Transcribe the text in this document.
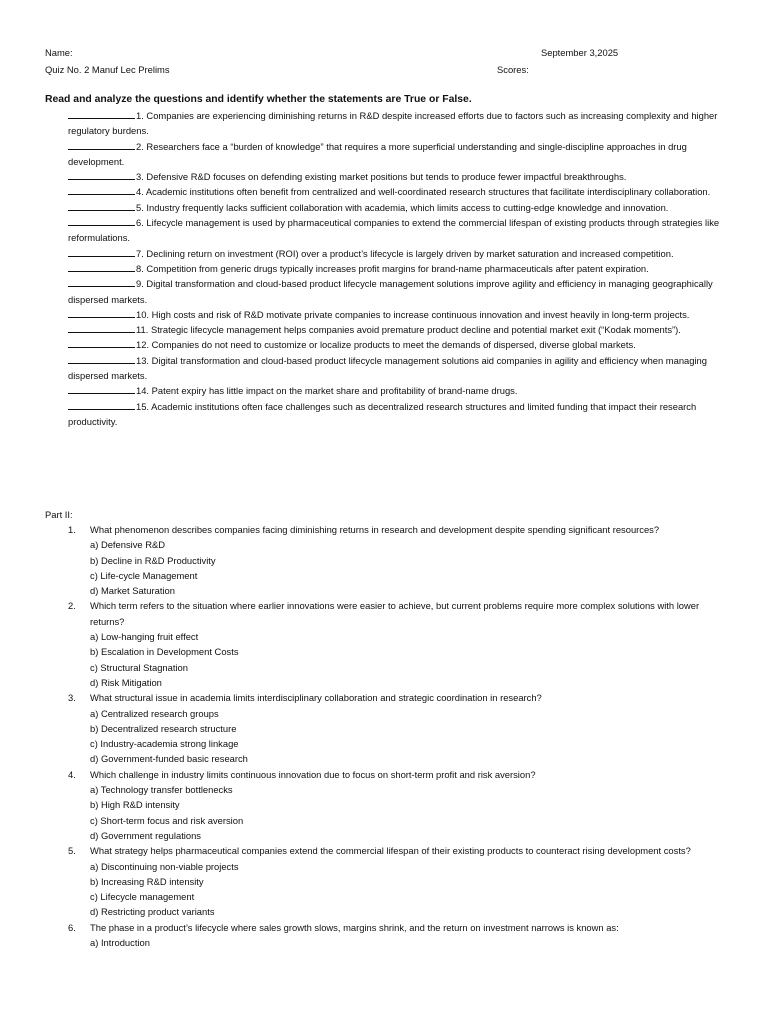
Name:	September 3,2025
Quiz No. 2 Manuf Lec Prelims	Scores:
Read and analyze the questions and identify whether the statements are True or False.
1. Companies are experiencing diminishing returns in R&D despite increased efforts due to factors such as increasing complexity and higher regulatory burdens.
2. Researchers face a “burden of knowledge” that requires a more superficial understanding and single-discipline approaches in drug development.
3. Defensive R&D focuses on defending existing market positions but tends to produce fewer impactful breakthroughs.
4. Academic institutions often benefit from centralized and well-coordinated research structures that facilitate interdisciplinary collaboration.
5. Industry frequently lacks sufficient collaboration with academia, which limits access to cutting-edge knowledge and innovation.
6. Lifecycle management is used by pharmaceutical companies to extend the commercial lifespan of existing products through strategies like reformulations.
7. Declining return on investment (ROI) over a product’s lifecycle is largely driven by market saturation and increased competition.
8. Competition from generic drugs typically increases profit margins for brand-name pharmaceuticals after patent expiration.
9. Digital transformation and cloud-based product lifecycle management solutions improve agility and efficiency in managing geographically dispersed markets.
10. High costs and risk of R&D motivate private companies to increase continuous innovation and invest heavily in long-term projects.
11. Strategic lifecycle management helps companies avoid premature product decline and potential market exit (“Kodak moments”).
12. Companies do not need to customize or localize products to meet the demands of dispersed, diverse global markets.
13. Digital transformation and cloud-based product lifecycle management solutions aid companies in agility and efficiency when managing dispersed markets.
14. Patent expiry has little impact on the market share and profitability of brand-name drugs.
15. Academic institutions often face challenges such as decentralized research structures and limited funding that impact their research productivity.
Part II:
1.	What phenomenon describes companies facing diminishing returns in research and development despite spending significant resources?
a) Defensive R&D
b) Decline in R&D Productivity
c) Life-cycle Management
d) Market Saturation
2.	Which term refers to the situation where earlier innovations were easier to achieve, but current problems require more complex solutions with lower returns?
a) Low-hanging fruit effect
b) Escalation in Development Costs
c) Structural Stagnation
d) Risk Mitigation
3.	What structural issue in academia limits interdisciplinary collaboration and strategic coordination in research?
a) Centralized research groups
b) Decentralized research structure
c) Industry-academia strong linkage
d) Government-funded basic research
4.	Which challenge in industry limits continuous innovation due to focus on short-term profit and risk aversion?
a) Technology transfer bottlenecks
b) High R&D intensity
c) Short-term focus and risk aversion
d) Government regulations
5.	What strategy helps pharmaceutical companies extend the commercial lifespan of their existing products to counteract rising development costs?
a) Discontinuing non-viable projects
b) Increasing R&D intensity
c) Lifecycle management
d) Restricting product variants
6.	The phase in a product’s lifecycle where sales growth slows, margins shrink, and the return on investment narrows is known as:
a) Introduction
